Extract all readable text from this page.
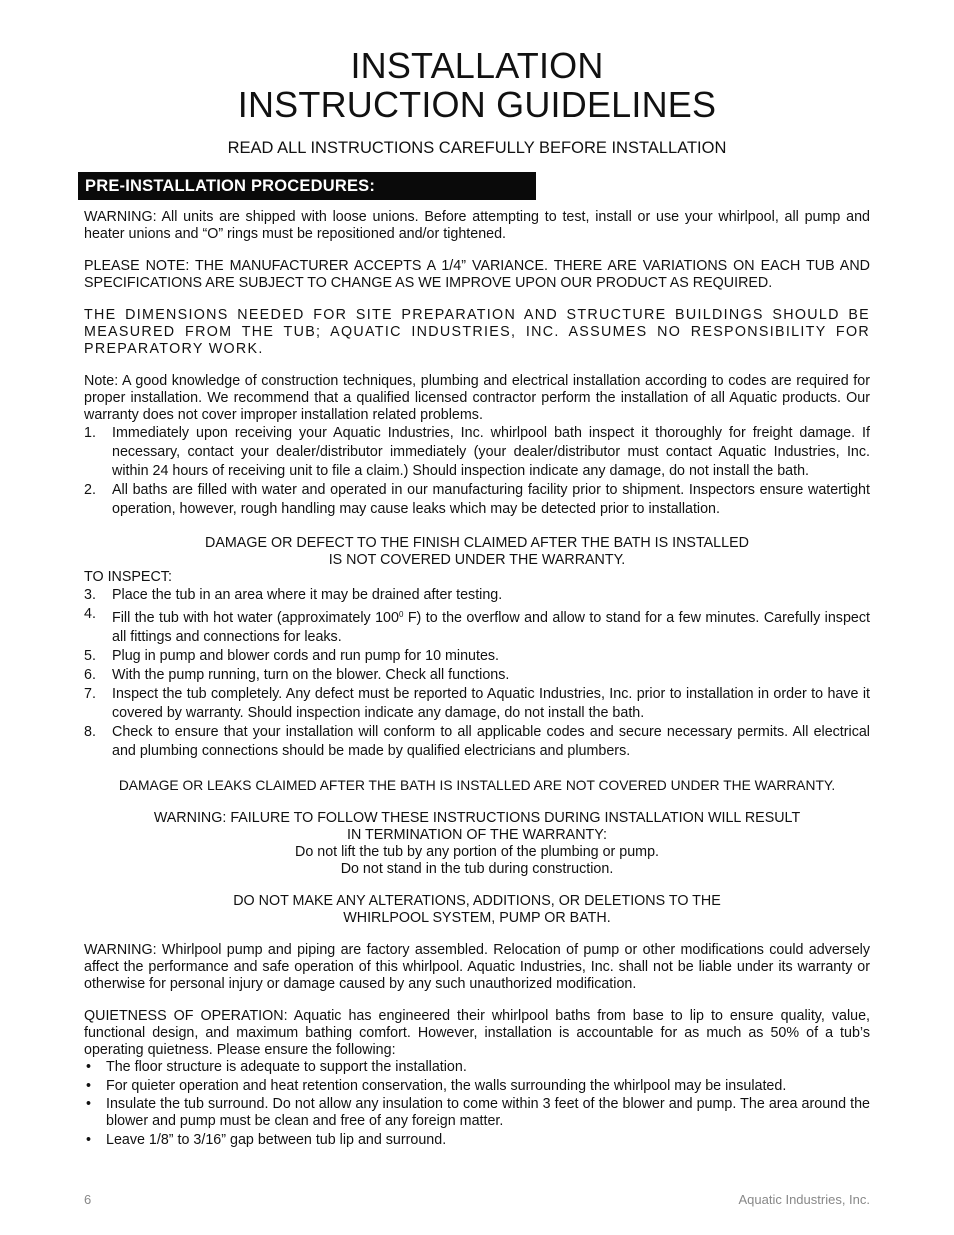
INSTALLATION
INSTRUCTION GUIDELINES
READ ALL INSTRUCTIONS CAREFULLY BEFORE INSTALLATION
PRE-INSTALLATION PROCEDURES:

WARNING: All units are shipped with loose unions. Before attempting to test, install or use your whirlpool, all pump and heater unions and “O” rings must be repositioned and/or tightened.

PLEASE NOTE: THE MANUFACTURER ACCEPTS A 1/4” VARIANCE. THERE ARE VARIATIONS ON EACH TUB AND SPECIFICATIONS ARE SUBJECT TO CHANGE AS WE IMPROVE UPON OUR PRODUCT AS REQUIRED.

THE DIMENSIONS NEEDED FOR SITE PREPARATION AND STRUCTURE BUILDINGS SHOULD BE MEASURED FROM THE TUB; AQUATIC INDUSTRIES, INC. ASSUMES NO RESPONSIBILITY FOR PREPARATORY WORK.

Note: A good knowledge of construction techniques, plumbing and electrical installation according to codes are required for proper installation. We recommend that a qualified licensed contractor perform the installation of all Aquatic products. Our warranty does not cover improper installation related problems.

1. Immediately upon receiving your Aquatic Industries, Inc. whirlpool bath inspect it thoroughly for freight damage. If necessary, contact your dealer/distributor immediately (your dealer/distributor must contact Aquatic Industries, Inc. within 24 hours of receiving unit to file a claim.) Should inspection indicate any damage, do not install the bath.
2. All baths are filled with water and operated in our manufacturing facility prior to shipment. Inspectors ensure watertight operation, however, rough handling may cause leaks which may be detected prior to installation.
DAMAGE OR DEFECT TO THE FINISH CLAIMED AFTER THE BATH IS INSTALLED
IS NOT COVERED UNDER THE WARRANTY.

TO INSPECT:

3. Place the tub in an area where it may be drained after testing.
4. Fill the tub with hot water (approximately $100^0$ F) to the overflow and allow to stand for a few minutes. Carefully inspect all fittings and connections for leaks.
5. Plug in pump and blower cords and run pump for 10 minutes.
6. With the pump running, turn on the blower. Check all functions.
7. Inspect the tub completely. Any defect must be reported to Aquatic Industries, Inc. prior to installation in order to have it covered by warranty. Should inspection indicate any damage, do not install the bath.
8. Check to ensure that your installation will conform to all applicable codes and secure necessary permits. All electrical and plumbing connections should be made by qualified electricians and plumbers.

DAMAGE OR LEAKS CLAIMED AFTER THE BATH IS INSTALLED ARE NOT COVERED UNDER THE WARRANTY.

WARNING: FAILURE TO FOLLOW THESE INSTRUCTIONS DURING INSTALLATION WILL RESULT
IN TERMINATION OF THE WARRANTY:
Do not lift the tub by any portion of the plumbing or pump.
Do not stand in the tub during construction.
DO NOT MAKE ANY ALTERATIONS, ADDITIONS, OR DELETIONS TO THE
WHIRLPOOL SYSTEM, PUMP OR BATH.

WARNING: Whirlpool pump and piping are factory assembled. Relocation of pump or other modifications could adversely affect the performance and safe operation of this whirlpool. Aquatic Industries, Inc. shall not be liable under its warranty or otherwise for personal injury or damage caused by any such unauthorized modification.

QUIETNESS OF OPERATION: Aquatic has engineered their whirlpool baths from base to lip to ensure quality, value, functional design, and maximum bathing comfort. However, installation is accountable for as much as 50% of a tub’s operating quietness. Please ensure the following:

• The floor structure is adequate to support the installation.
• For quieter operation and heat retention conservation, the walls surrounding the whirlpool may be insulated.
• Insulate the tub surround. Do not allow any insulation to come within 3 feet of the blower and pump. The area around the blower and pump must be clean and free of any foreign matter.
• Leave 1/8” to 3/16” gap between tub lip and surround.
6	Aquatic Industries, Inc.
